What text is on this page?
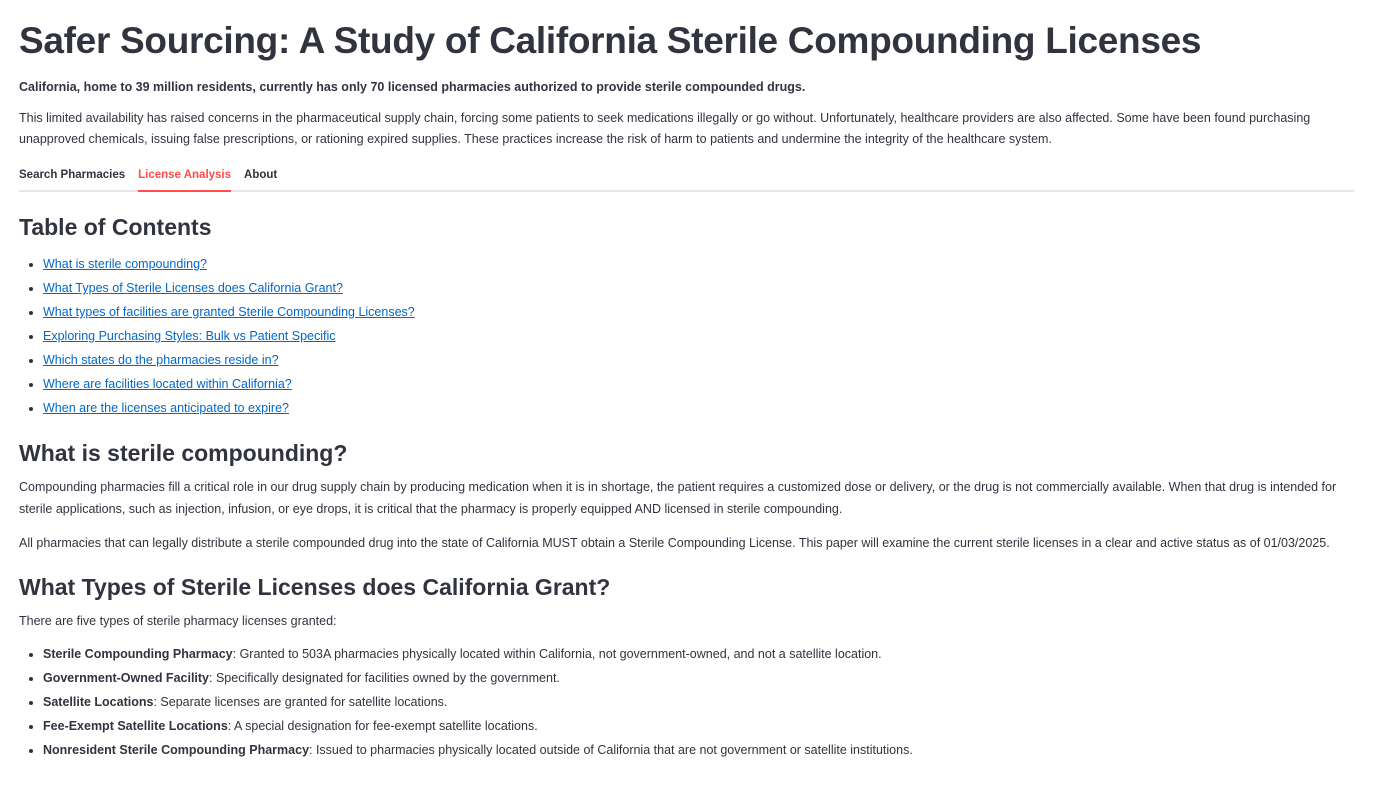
Safer Sourcing: A Study of California Sterile Compounding Licenses

California, home to 39 million residents, currently has only 70 licensed pharmacies authorized to provide sterile compounded drugs.

This limited availability has raised concerns in the pharmaceutical supply chain, forcing some patients to seek medications illegally or go without. Unfortunately, healthcare providers are also affected. Some have been found purchasing unapproved chemicals, issuing false prescriptions, or rationing expired supplies. These practices increase the risk of harm to patients and undermine the integrity of the healthcare system.

Search Pharmacies License Analysis About
Table of Contents
• What is sterile compounding?
• What Types of Sterile Licenses does California Grant?
• What types of facilities are granted Sterile Compounding Licenses?
• Exploring Purchasing Styles: Bulk vs Patient Specific
• Which states do the pharmacies reside in?
• Where are facilities located within California?
• When are the licenses anticipated to expire?
What is sterile compounding?

Compounding pharmacies fill a critical role in our drug supply chain by producing medication when it is in shortage, the patient requires a customized dose or delivery, or the drug is not commercially available. When that drug is intended for sterile applications, such as injection, infusion, or eye drops, it is critical that the pharmacy is properly equipped AND licensed in sterile compounding.

All pharmacies that can legally distribute a sterile compounded drug into the state of California MUST obtain a Sterile Compounding License. This paper will examine the current sterile licenses in a clear and active status as of 01/03/2025.

What Types of Sterile Licenses does California Grant?

There are five types of sterile pharmacy licenses granted:

• Sterile Compounding Pharmacy: Granted to 503A pharmacies physically located within California, not government-owned, and not a satellite location.
• Government-Owned Facility: Specifically designated for facilities owned by the government.
• Satellite Locations: Separate licenses are granted for satellite locations.
• Fee-Exempt Satellite Locations: A special designation for fee-exempt satellite locations.
• Nonresident Sterile Compounding Pharmacy: Issued to pharmacies physically located outside of California that are not government or satellite institutions.
